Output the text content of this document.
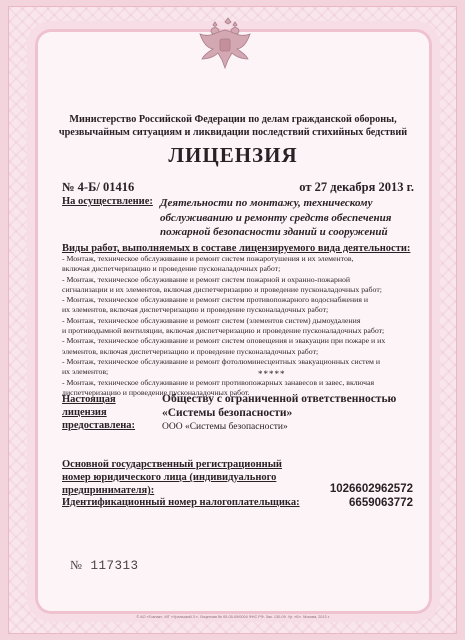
Министерство Российской Федерации по делам гражданской обороны,
чрезвычайным ситуациям и ликвидации последствий стихийных бедствий
ЛИЦЕНЗИЯ
№ 4-Б/ 01416	от 27 декабря 2013 г.
На осуществление: Деятельности по монтажу, техническому обслуживанию и ремонту средств обеспечения пожарной безопасности зданий и сооружений
Виды работ, выполняемых в составе лицензируемого вида деятельности:
- Монтаж, техническое обслуживание и ремонт систем пожаротушения и их элементов,
включая диспетчеризацию и проведение пусконаладочных работ;
- Монтаж, техническое обслуживание и ремонт систем пожарной и охранно-пожарной
сигнализации и их элементов, включая диспетчеризацию и проведение пусконаладочных работ;
- Монтаж, техническое обслуживание и ремонт систем противопожарного водоснабжения и
их элементов, включая диспетчеризацию и проведение пусконаладочных работ;
- Монтаж, техническое обслуживание и ремонт систем (элементов систем) дымоудаления
и противодымной вентиляции, включая диспетчеризацию и проведение пусконаладочных работ;
- Монтаж, техническое обслуживание и ремонт систем оповещения и эвакуации при пожаре и их
элементов, включая диспетчеризацию и проведение пусконаладочных работ;
- Монтаж, техническое обслуживание и ремонт фотолюминесцентных эвакуационных систем и
их элементов;
- Монтаж, техническое обслуживание и ремонт противопожарных занавесов и завес, включая
диспетчеризацию и проведение пусконаладочных работ.
*****
Настоящая лицензия предоставлена:
Обществу с ограниченной ответственностью «Системы безопасности»
ООО «Системы безопасности»
Основной государственный регистрационный номер юридического лица (индивидуального предпринимателя):	1026602962572
Идентификационный номер налогоплательщика:	6659063772
№ 117313
© АО «Гознак», МТ «Уральский 3.», Лицензия № 05-05-09/0004 ФНС РФ. Зак. 130-09. Ур. «Б». Москва, 2013 г.
